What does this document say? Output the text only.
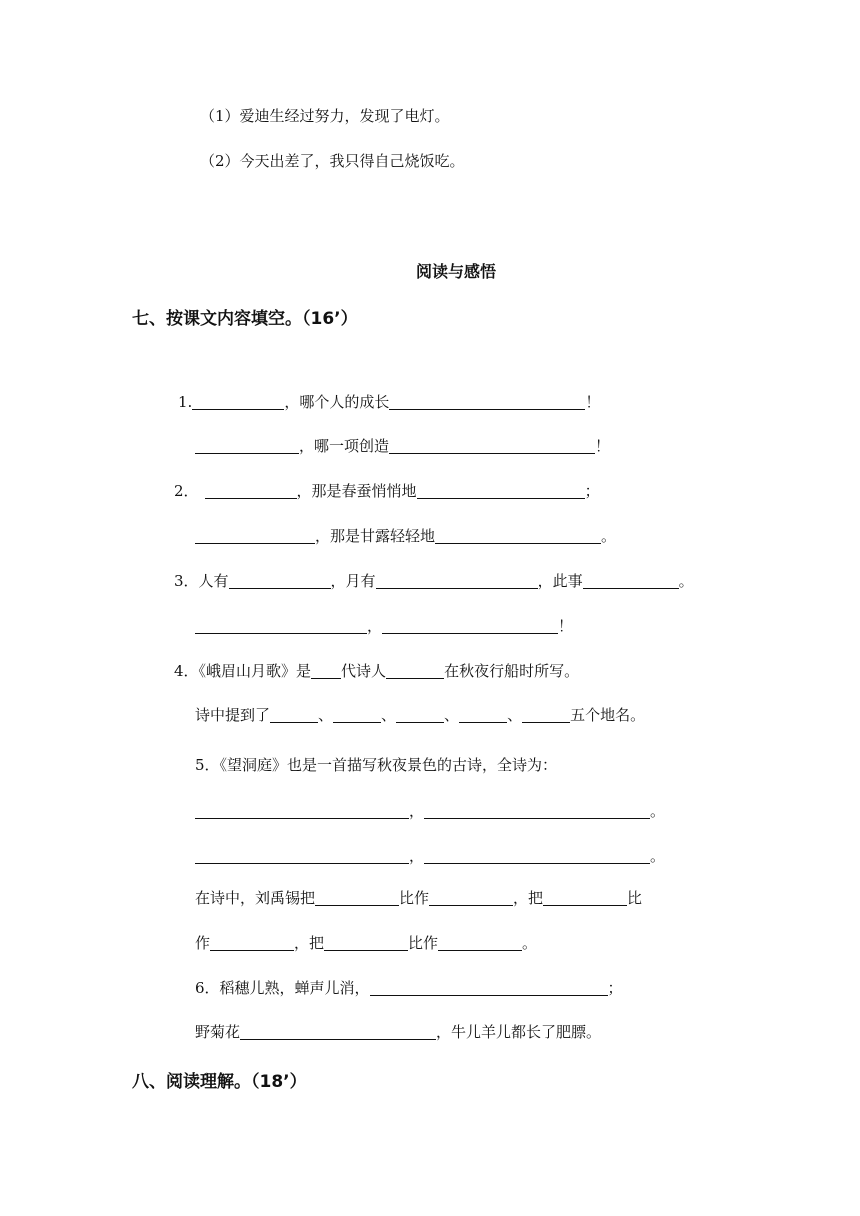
（1）爱迪生经过努力，发现了电灯。
（2）今天出差了，我只得自己烧饭吃。
阅读与感悟
七、按课文内容填空。（16’）
1.	，哪个人的成长	！
，哪一项创造	！
2．	，那是春蚕悄悄地	；
，那是甘露轻轻地	。
3．人有	，月有	，此事	。
，	！
4．《峨眉山月歌》是 代诗人	在秋夜行船时所写。
诗中提到了	、	、	、	、	五个地名。
5．《望洞庭》也是一首描写秋夜景色的古诗，全诗为：
，	。
，	。
在诗中，刘禹锡把	比作	，把	比
作	，把	比作	。
6．稻穗儿熟，蝉声儿消，	；
野菊花	，牛儿羊儿都长了肥膘。
八、阅读理解。（18’）
